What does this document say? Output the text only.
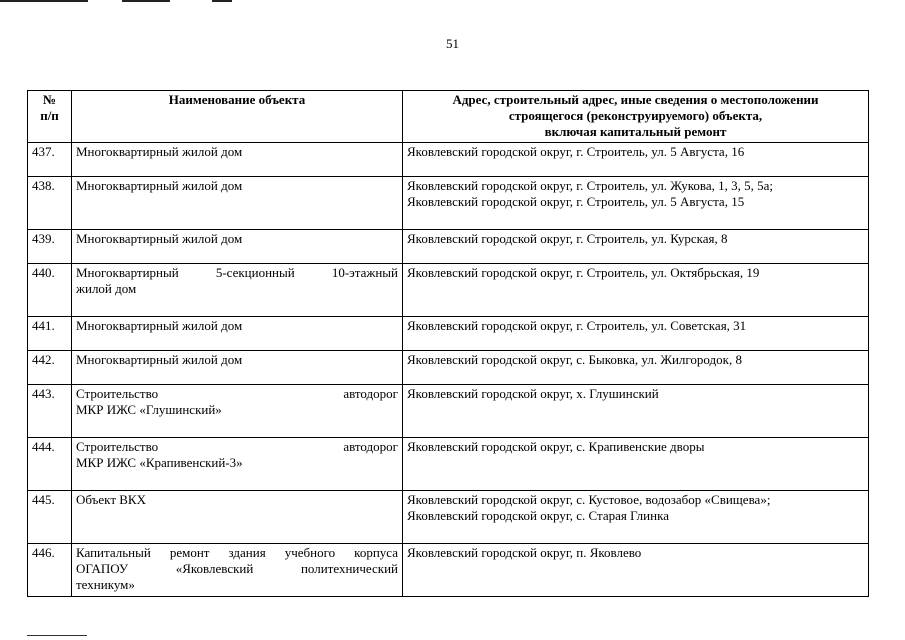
51
№
п/п	Наименование объекта	Адрес, строительный адрес, иные сведения о местоположении
строящегося (реконструируемого) объекта,
включая капитальный ремонт

437.	Многоквартирный жилой дом	Яковлевский городской округ, г. Строитель, ул. 5 Августа, 16

438.	Многоквартирный жилой дом	Яковлевский городской округ, г. Строитель, ул. Жукова, 1, 3, 5, 5а;
Яковлевский городской округ, г. Строитель, ул. 5 Августа, 15

439.	Многоквартирный жилой дом	Яковлевский городской округ, г. Строитель, ул. Курская, 8

440.	Многоквартирный 5-секционный 10-этажный
жилой дом	Яковлевский городской округ, г. Строитель, ул. Октябрьская, 19

441.	Многоквартирный жилой дом	Яковлевский городской округ, г. Строитель, ул. Советская, 31

442.	Многоквартирный жилой дом	Яковлевский городской округ, с. Быковка, ул. Жилгородок, 8

443.	Строительство автодорог
МКР ИЖС «Глушинский»	Яковлевский городской округ, х. Глушинский

444.	Строительство автодорог
МКР ИЖС «Крапивенский-3»	Яковлевский городской округ, с. Крапивенские дворы

445.	Объект ВКХ	Яковлевский городской округ, с. Кустовое, водозабор «Свищева»;
Яковлевский городской округ, с. Старая Глинка

446.	Капитальный ремонт здания учебного корпуса
ОГАПОУ «Яковлевский политехнический
техникум»	Яковлевский городской округ, п. Яковлево
